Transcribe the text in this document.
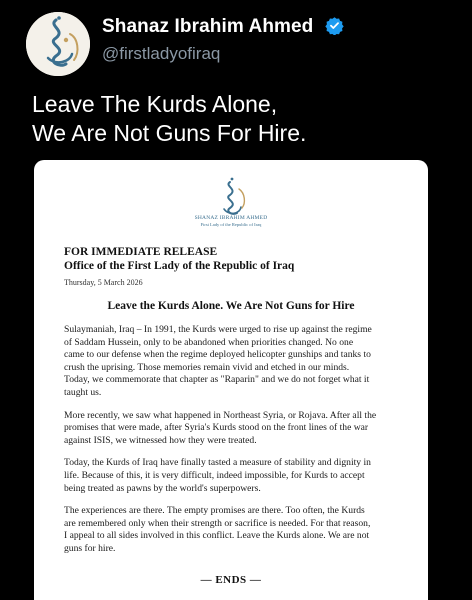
Shanaz Ibrahim Ahmed
@firstladyofiraq
Leave The Kurds Alone,
We Are Not Guns For Hire.
SHANAZ IBRAHIM AHMED
First Lady of the Republic of Iraq
FOR IMMEDIATE RELEASE
Office of the First Lady of the Republic of Iraq
Thursday, 5 March 2026
Leave the Kurds Alone. We Are Not Guns for Hire
Sulaymaniah, Iraq – In 1991, the Kurds were urged to rise up against the regime
of Saddam Hussein, only to be abandoned when priorities changed. No one
came to our defense when the regime deployed helicopter gunships and tanks to
crush the uprising. Those memories remain vivid and etched in our minds.
Today, we commemorate that chapter as "Raparin" and we do not forget what it
taught us.
More recently, we saw what happened in Northeast Syria, or Rojava. After all the
promises that were made, after Syria's Kurds stood on the front lines of the war
against ISIS, we witnessed how they were treated.
Today, the Kurds of Iraq have finally tasted a measure of stability and dignity in
life. Because of this, it is very difficult, indeed impossible, for Kurds to accept
being treated as pawns by the world's superpowers.
The experiences are there. The empty promises are there. Too often, the Kurds
are remembered only when their strength or sacrifice is needed. For that reason,
I appeal to all sides involved in this conflict. Leave the Kurds alone. We are not
guns for hire.
— ENDS —
